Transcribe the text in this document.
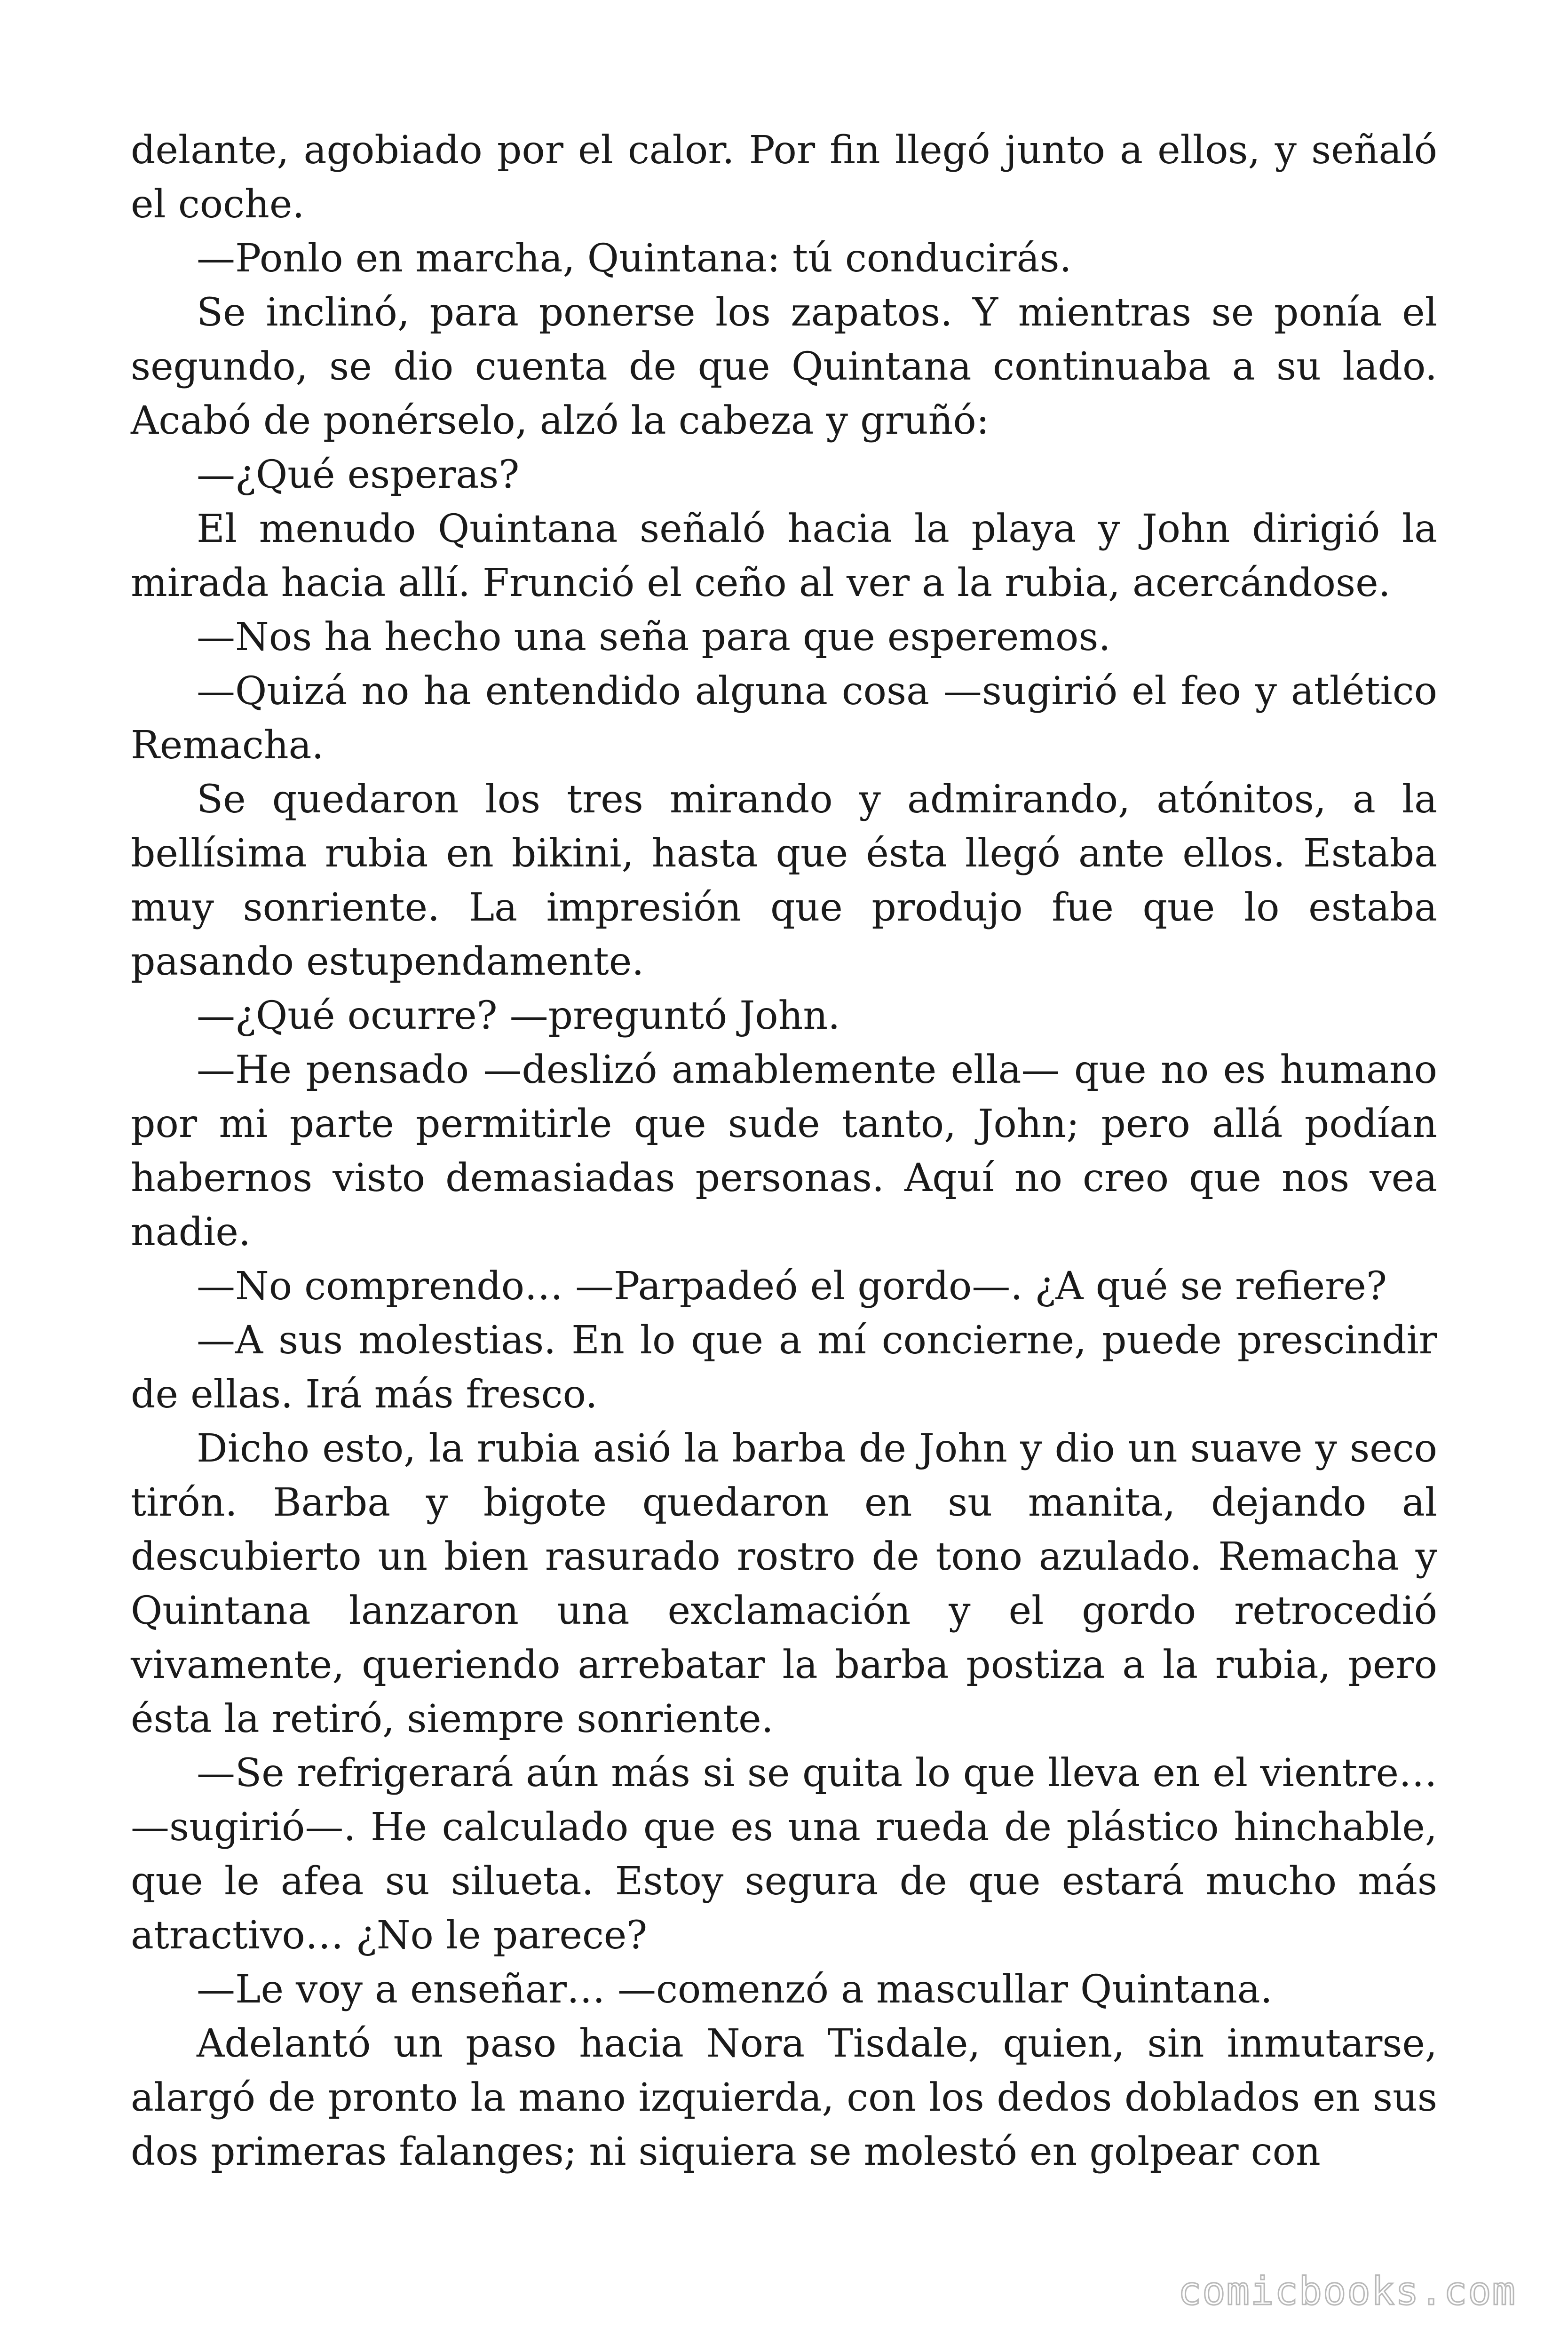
delante, agobiado por el calor. Por fin llegó junto a ellos, y señaló el coche.

—Ponlo en marcha, Quintana: tú conducirás.

Se inclinó, para ponerse los zapatos. Y mientras se ponía el segundo, se dio cuenta de que Quintana continuaba a su lado. Acabó de ponérselo, alzó la cabeza y gruñó:

—¿Qué esperas?

El menudo Quintana señaló hacia la playa y John dirigió la mirada hacia allí. Frunció el ceño al ver a la rubia, acercándose.

—Nos ha hecho una seña para que esperemos.

—Quizá no ha entendido alguna cosa —sugirió el feo y atlético Remacha.

Se quedaron los tres mirando y admirando, atónitos, a la bellísima rubia en bikini, hasta que ésta llegó ante ellos. Estaba muy sonriente. La impresión que produjo fue que lo estaba pasando estupendamente.

—¿Qué ocurre? —preguntó John.

—He pensado —deslizó amablemente ella— que no es humano por mi parte permitirle que sude tanto, John; pero allá podían habernos visto demasiadas personas. Aquí no creo que nos vea nadie.

—No comprendo… —Parpadeó el gordo—. ¿A qué se refiere?

—A sus molestias. En lo que a mí concierne, puede prescindir de ellas. Irá más fresco.

Dicho esto, la rubia asió la barba de John y dio un suave y seco tirón. Barba y bigote quedaron en su manita, dejando al descubierto un bien rasurado rostro de tono azulado. Remacha y Quintana lanzaron una exclamación y el gordo retrocedió vivamente, queriendo arrebatar la barba postiza a la rubia, pero ésta la retiró, siempre sonriente.

—Se refrigerará aún más si se quita lo que lleva en el vientre… —sugirió—. He calculado que es una rueda de plástico hinchable, que le afea su silueta. Estoy segura de que estará mucho más atractivo… ¿No le parece?

—Le voy a enseñar… —comenzó a mascullar Quintana.

Adelantó un paso hacia Nora Tisdale, quien, sin inmutarse, alargó de pronto la mano izquierda, con los dedos doblados en sus dos primeras falanges; ni siquiera se molestó en golpear con

comicbooks.com
